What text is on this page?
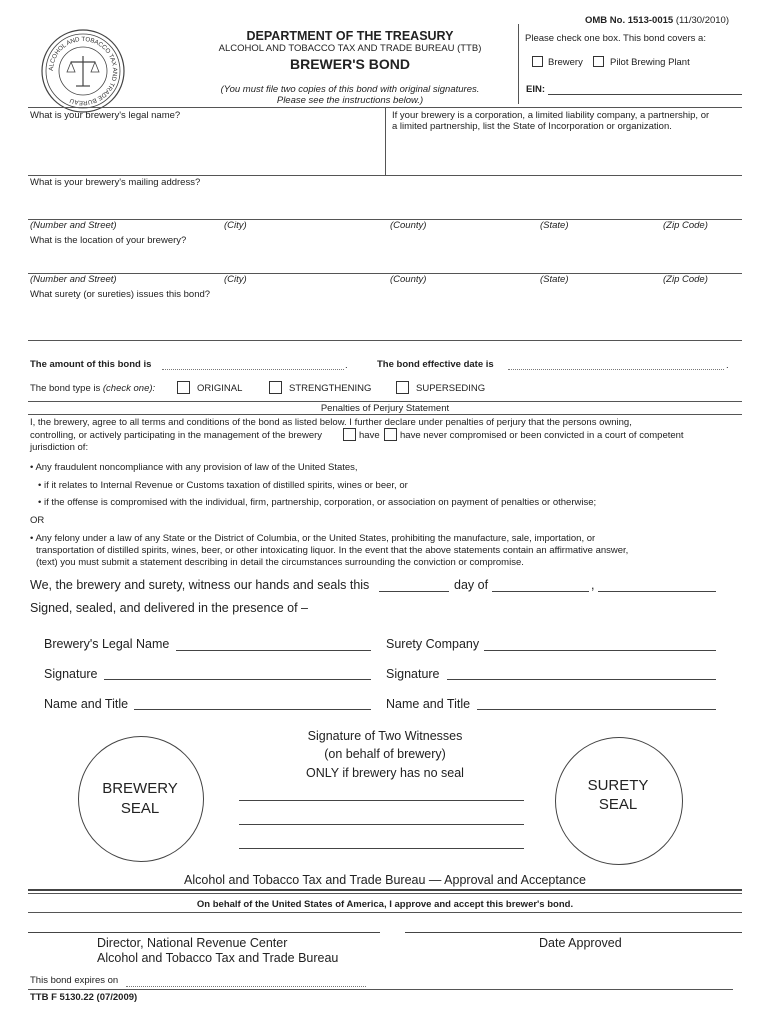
OMB No. 1513-0015 (11/30/2010)
ALCOHOL AND TOBACCO TAX AND TRADE BUREAU
DEPARTMENT OF THE TREASURY
ALCOHOL AND TOBACCO TAX AND TRADE BUREAU (TTB)
BREWER'S BOND
(You must file two copies of this bond with original signatures.
Please see the instructions below.)
Please check one box. This bond covers a:
Brewery	Pilot Brewing Plant
EIN:
What is your brewery's legal name?	If your brewery is a corporation, a limited liability company, a partnership, or
a limited partnership, list the State of Incorporation or organization.
What is your brewery's mailing address?
(Number and Street)	(City)	(County)	(State)	(Zip Code)
What is the location of your brewery?
(Number and Street)	(City)	(County)	(State)	(Zip Code)
What surety (or sureties) issues this bond?
The amount of this bond is	.	The bond effective date is	.
The bond type is (check one):	ORIGINAL	STRENGTHENING	SUPERSEDING
Penalties of Perjury Statement
I, the brewery, agree to all terms and conditions of the bond as listed below. I further declare under penalties of perjury that the persons owning,
controlling, or actively participating in the management of the brewery	have have never compromised or been convicted in a court of competent
jurisdiction of:
• Any fraudulent noncompliance with any provision of law of the United States,
• if it relates to Internal Revenue or Customs taxation of distilled spirits, wines or beer, or
• if the offense is compromised with the individual, firm, partnership, corporation, or association on payment of penalties or otherwise;
OR
• Any felony under a law of any State or the District of Columbia, or the United States, prohibiting the manufacture, sale, importation, or
transportation of distilled spirits, wines, beer, or other intoxicating liquor. In the event that the above statements contain an affirmative answer,
(text) you must submit a statement describing in detail the circumstances surrounding the conviction or compromise.
We, the brewery and surety, witness our hands and seals this	day of	,
Signed, sealed, and delivered in the presence of –
Brewery's Legal Name	Surety Company
Signature	Signature
Name and Title	Name and Title
Signature of Two Witnesses
(on behalf of brewery)
ONLY if brewery has no seal
BREWERY
SEAL
SURETY
SEAL
Alcohol and Tobacco Tax and Trade Bureau — Approval and Acceptance
On behalf of the United States of America, I approve and accept this brewer's bond.
Director, National Revenue Center
Alcohol and Tobacco Tax and Trade Bureau
Date Approved
This bond expires on
TTB F 5130.22 (07/2009)
